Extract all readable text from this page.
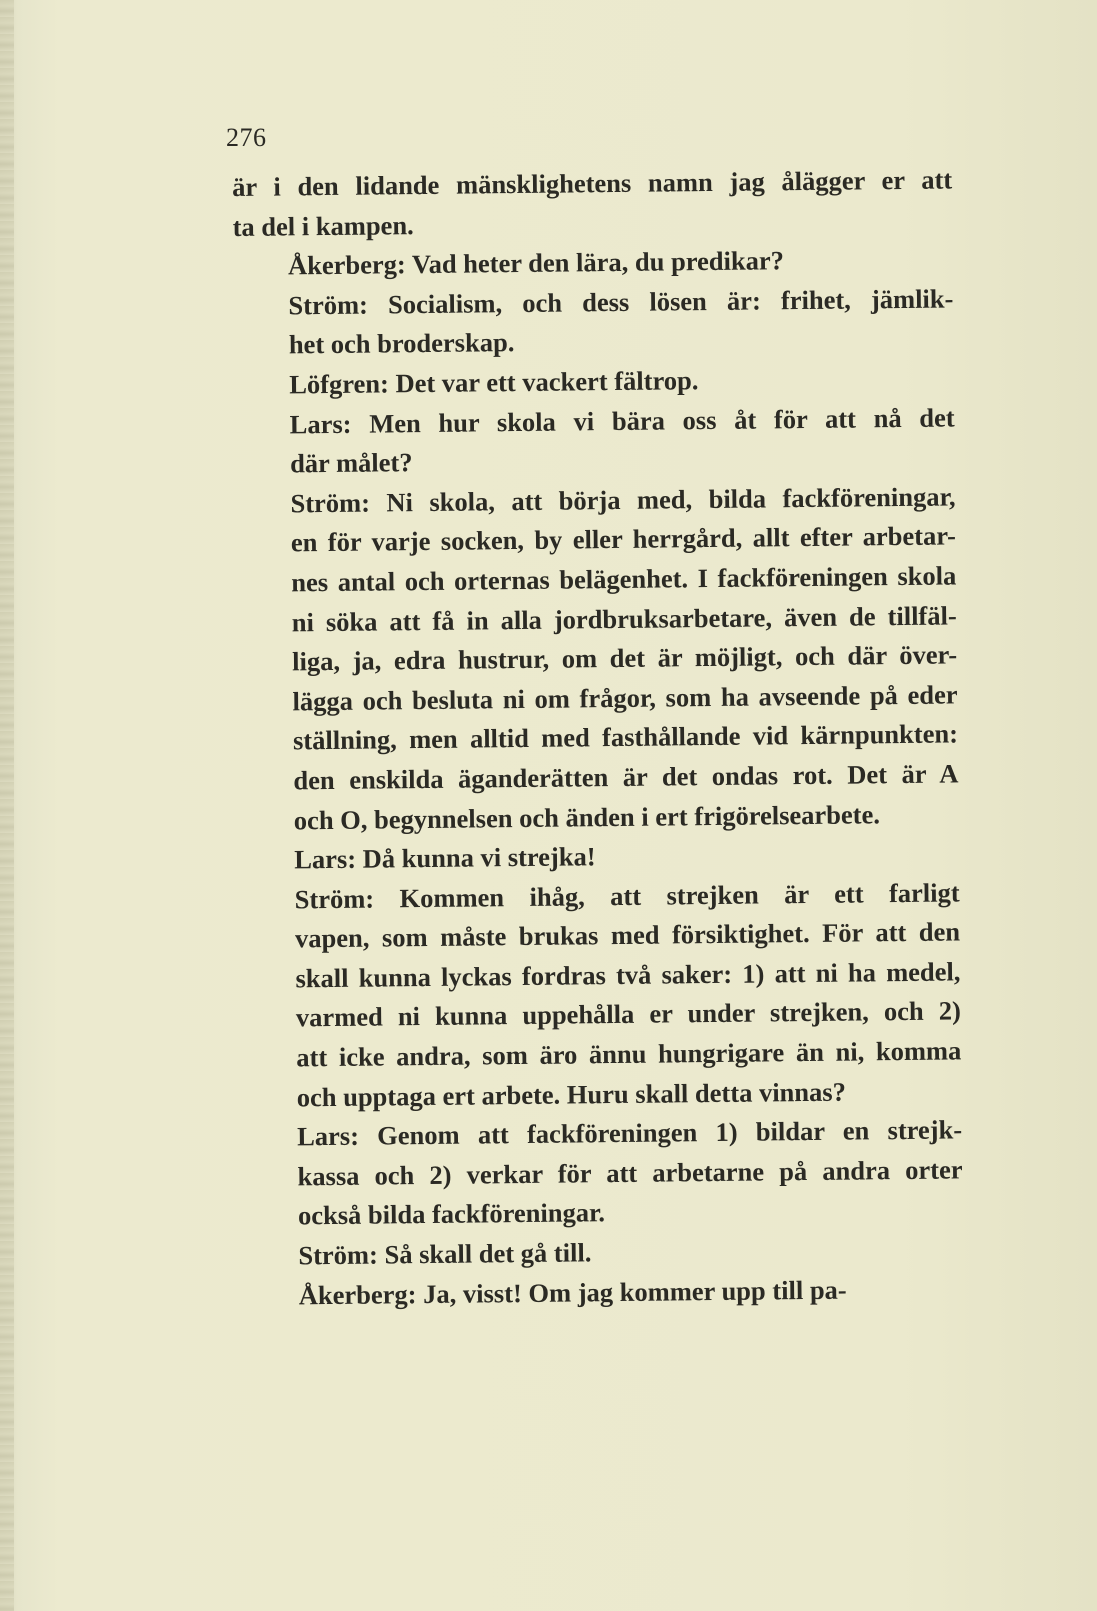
276

är i den lidande mänsklighetens namn jag ålägger er att
ta del i kampen.

Åkerberg: Vad heter den lära, du predikar?

Ström: Socialism, och dess lösen är: frihet, jämlik-
het och broderskap.

Löfgren: Det var ett vackert fältrop.

Lars: Men hur skola vi bära oss åt för att nå det
där målet?

Ström: Ni skola, att börja med, bilda fackföreningar,
en för varje socken, by eller herrgård, allt efter arbetar-
nes antal och orternas belägenhet. I fackföreningen skola
ni söka att få in alla jordbruksarbetare, även de tillfäl-
liga, ja, edra hustrur, om det är möjligt, och där över-
lägga och besluta ni om frågor, som ha avseende på eder
ställning, men alltid med fasthållande vid kärnpunkten:
den enskilda äganderätten är det ondas rot. Det är A
och O, begynnelsen och änden i ert frigörelsearbete.

Lars: Då kunna vi strejka!

Ström: Kommen ihåg, att strejken är ett farligt
vapen, som måste brukas med försiktighet. För att den
skall kunna lyckas fordras två saker: 1) att ni ha medel,
varmed ni kunna uppehålla er under strejken, och 2)
att icke andra, som äro ännu hungrigare än ni, komma
och upptaga ert arbete. Huru skall detta vinnas?

Lars: Genom att fackföreningen 1) bildar en strejk-
kassa och 2) verkar för att arbetarne på andra orter
också bilda fackföreningar.

Ström: Så skall det gå till.

Åkerberg: Ja, visst! Om jag kommer upp till pa-
